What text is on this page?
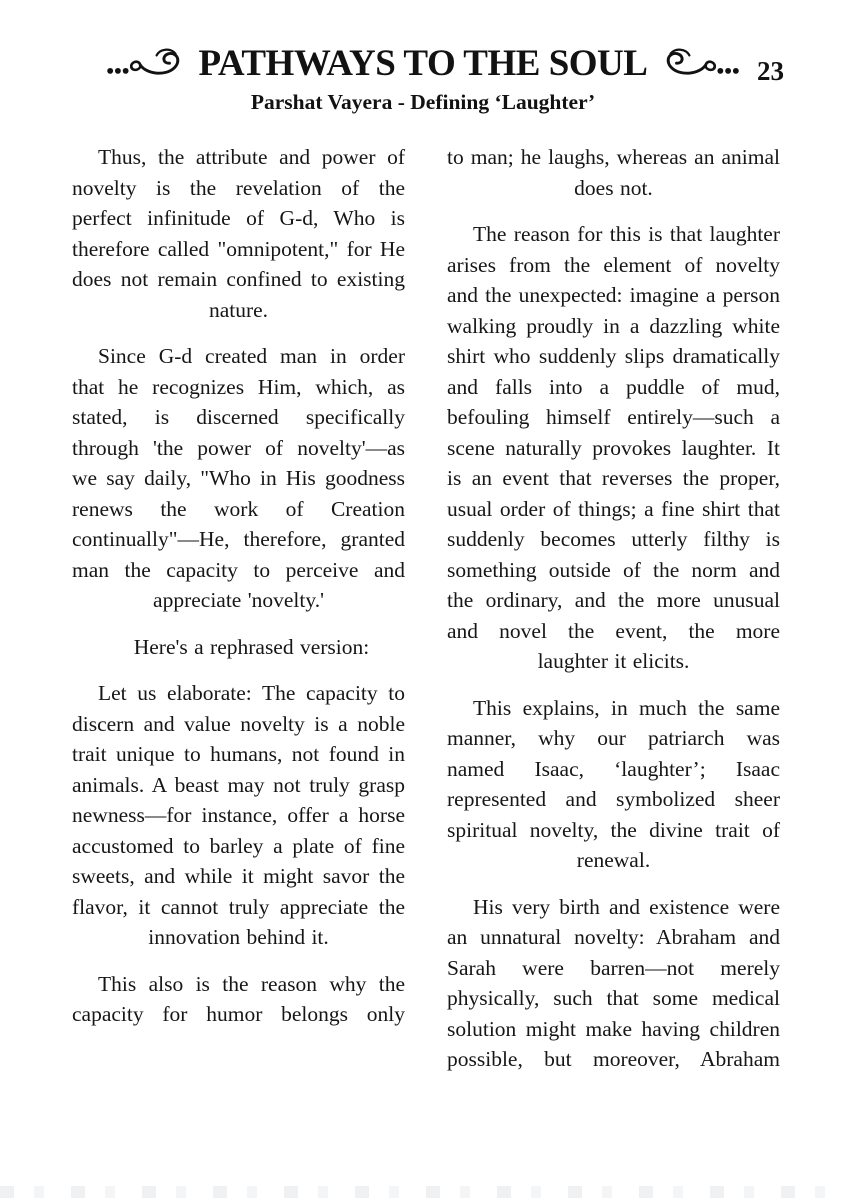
PATHWAYS TO THE SOUL	23
Parshat Vayera - Defining ‘Laughter’

Thus, the attribute and power of novelty is the revelation of the perfect infinitude of G-d, Who is therefore called "omnipotent," for He does not remain confined to existing nature.

Since G-d created man in order that he recognizes Him, which, as stated, is discerned specifically through 'the power of novelty'—as we say daily, "Who in His goodness renews the work of Creation continually"—He, therefore, granted man the capacity to perceive and appreciate 'novelty.'

Here's a rephrased version:

Let us elaborate: The capacity to discern and value novelty is a noble trait unique to humans, not found in animals. A beast may not truly grasp newness—for instance, offer a horse accustomed to barley a plate of fine sweets, and while it might savor the flavor, it cannot truly appreciate the innovation behind it.

This also is the reason why the capacity for humor belongs only

to man; he laughs, whereas an animal does not.

The reason for this is that laughter arises from the element of novelty and the unexpected: imagine a person walking proudly in a dazzling white shirt who suddenly slips dramatically and falls into a puddle of mud, befouling himself entirely—such a scene naturally provokes laughter. It is an event that reverses the proper, usual order of things; a fine shirt that suddenly becomes utterly filthy is something outside of the norm and the ordinary, and the more unusual and novel the event, the more laughter it elicits.

This explains, in much the same manner, why our patriarch was named Isaac, ‘laughter’; Isaac represented and symbolized sheer spiritual novelty, the divine trait of renewal.

His very birth and existence were an unnatural novelty: Abraham and Sarah were barren—not merely physically, such that some medical solution might make having children possible, but moreover, Abraham
